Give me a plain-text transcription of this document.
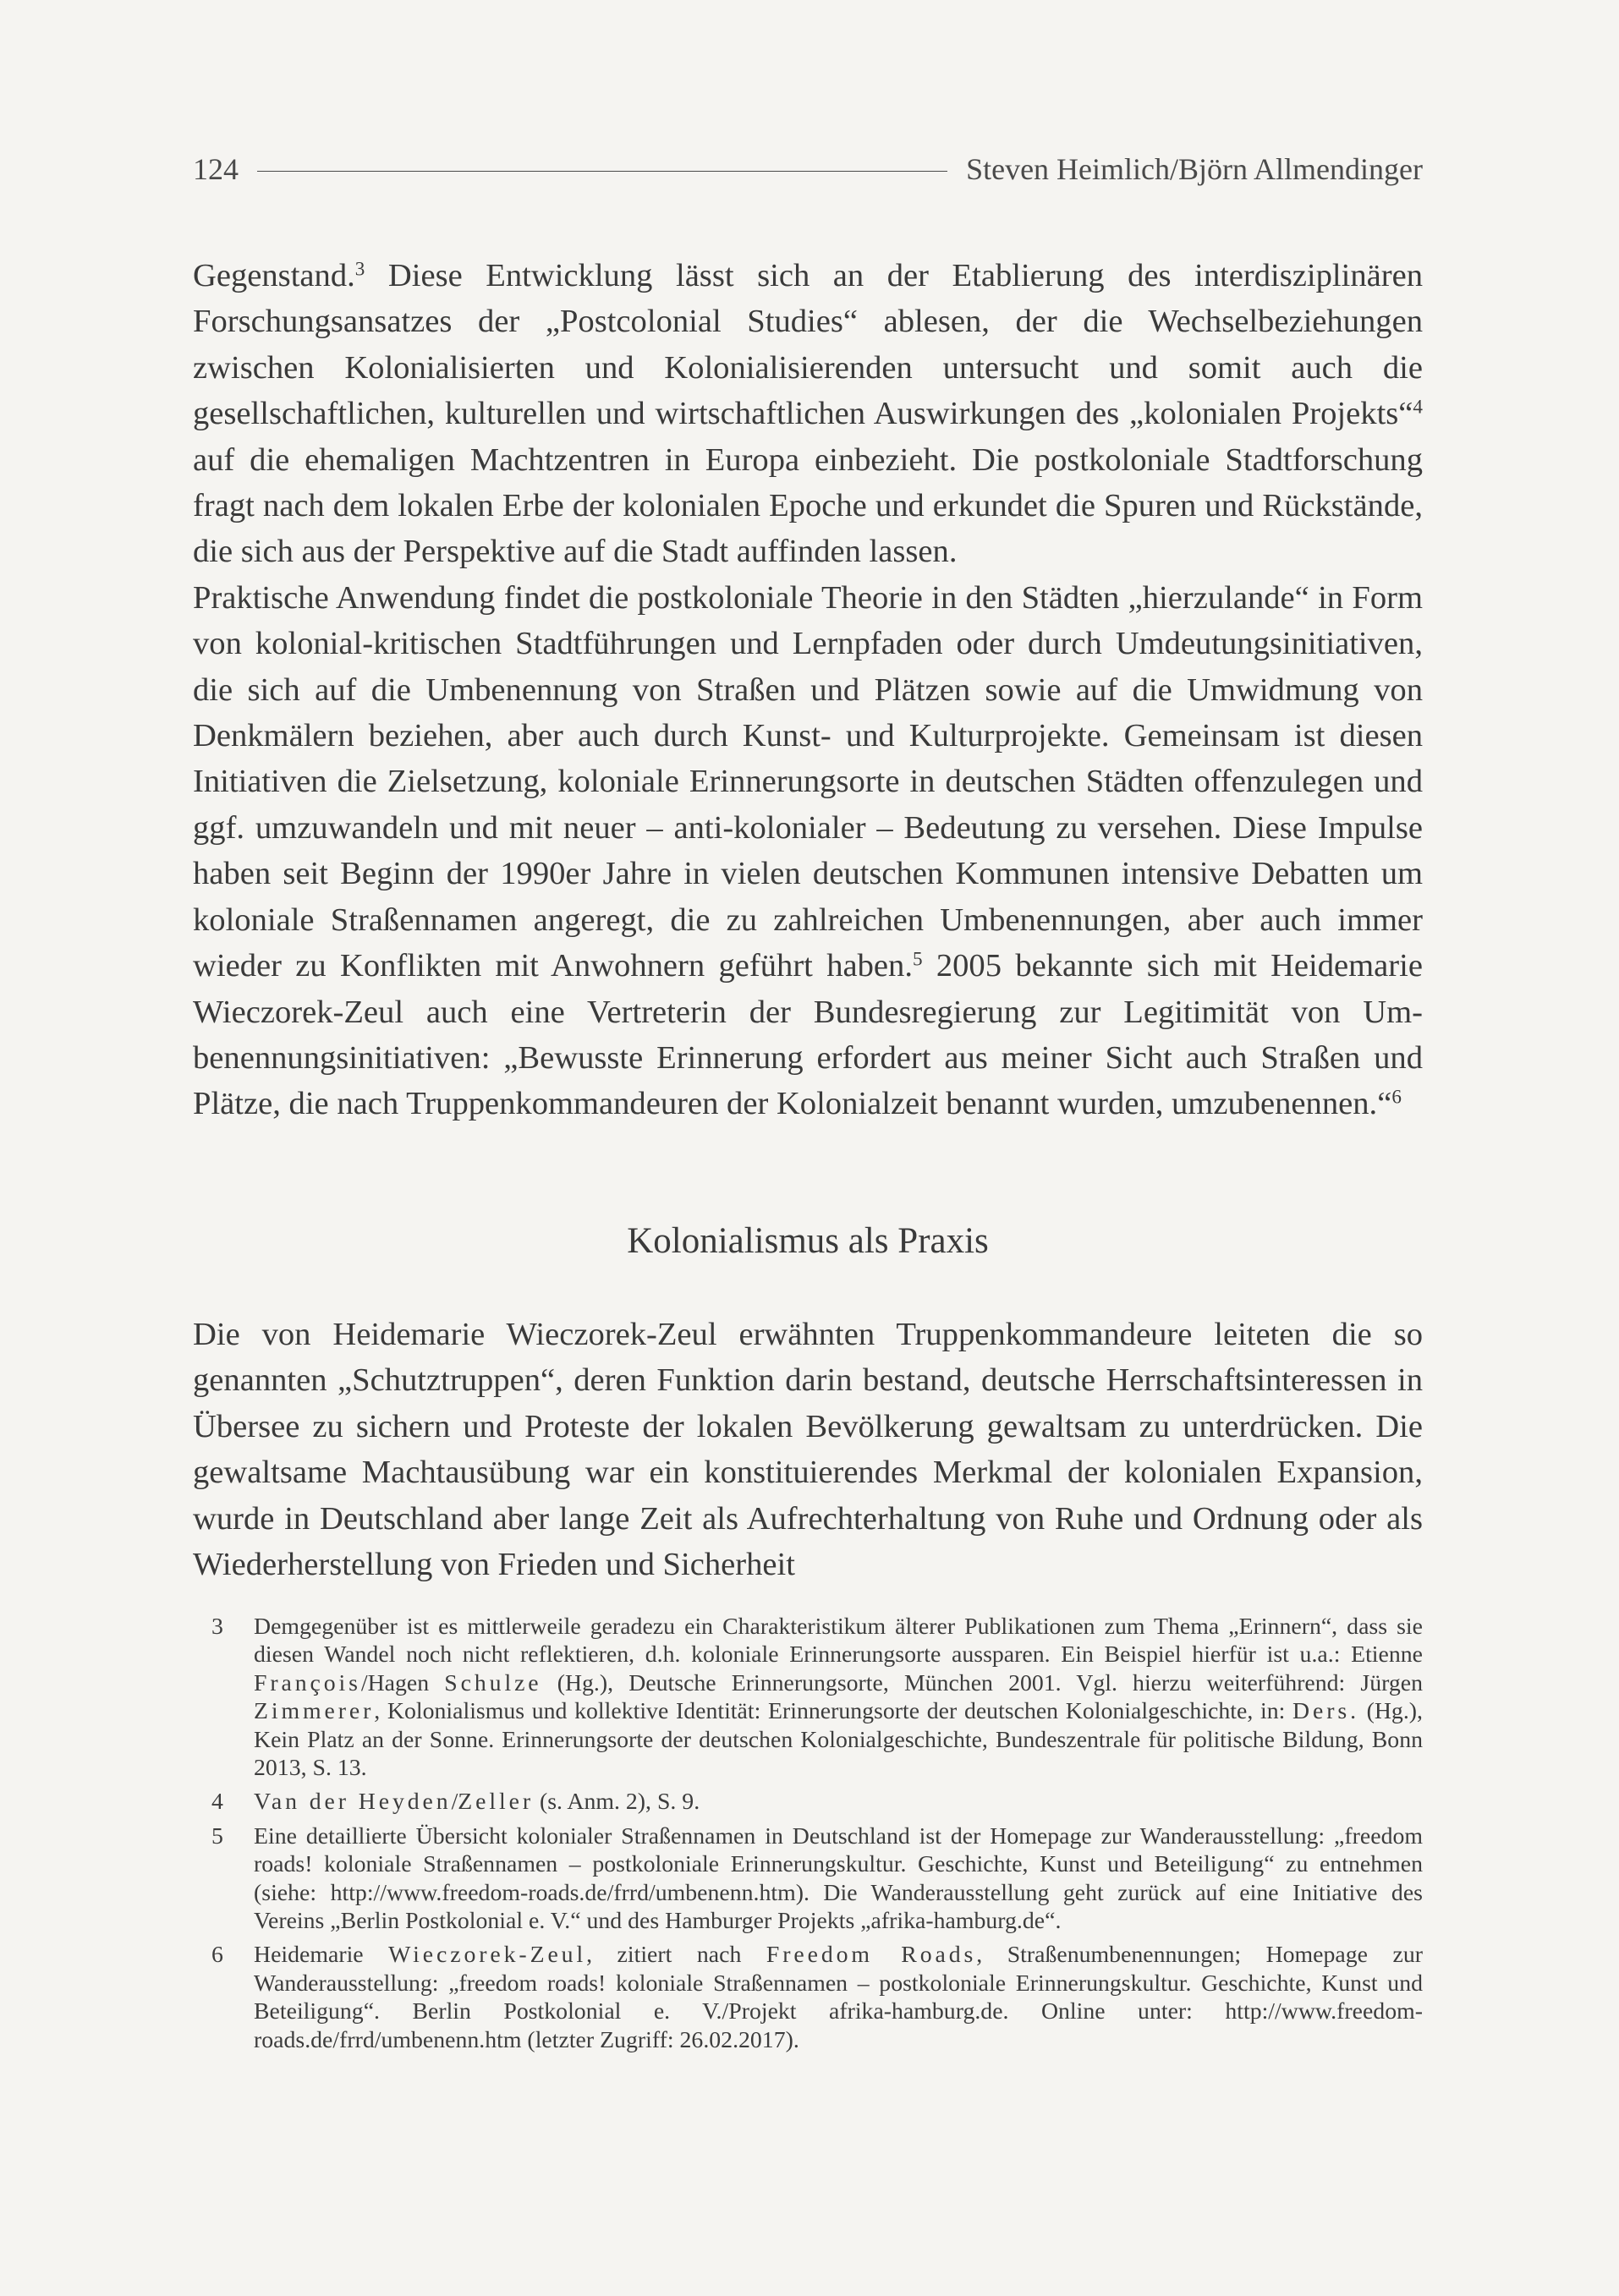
124	Steven Heimlich/Björn Allmendinger

Gegenstand.$^3$ Diese Entwicklung lässt sich an der Etablierung des interdisziplinären Forschungsansatzes der „Postcolonial Studies“ ablesen, der die Wechselbeziehungen zwischen Kolonialisierten und Kolonialisierenden untersucht und somit auch die gesellschaftlichen, kulturellen und wirtschaftlichen Auswirkungen des „kolonialen Projekts“$^4$ auf die ehemaligen Machtzentren in Europa einbezieht. Die postkoloniale Stadtforschung fragt nach dem lokalen Erbe der kolonialen Epoche und erkundet die Spuren und Rückstände, die sich aus der Perspektive auf die Stadt auffinden lassen.

Praktische Anwendung findet die postkoloniale Theorie in den Städten „hierzulande“ in Form von kolonial-kritischen Stadtführungen und Lernpfaden oder durch Umdeutungsinitiativen, die sich auf die Umbenennung von Straßen und Plätzen sowie auf die Umwidmung von Denkmälern beziehen, aber auch durch Kunst- und Kulturprojekte. Gemeinsam ist diesen Initiativen die Zielsetzung, koloniale Erinnerungsorte in deutschen Städten offenzulegen und ggf. umzuwandeln und mit neuer – anti-kolonialer – Bedeutung zu versehen. Diese Impulse haben seit Beginn der 1990er Jahre in vielen deutschen Kommunen intensive Debatten um koloniale Straßennamen angeregt, die zu zahlreichen Umbenennungen, aber auch immer wieder zu Konflikten mit Anwohnern geführt haben.$^5$ 2005 bekannte sich mit Heidemarie Wieczorek-Zeul auch eine Vertreterin der Bundesregierung zur Legitimität von Umbenennungsinitiativen: „Bewusste Erinnerung erfordert aus meiner Sicht auch Straßen und Plätze, die nach Truppenkommandeuren der Kolonialzeit benannt wurden, umzubenennen.“$^6$

Kolonialismus als Praxis

Die von Heidemarie Wieczorek-Zeul erwähnten Truppenkommandeure leiteten die so genannten „Schutztruppen“, deren Funktion darin bestand, deutsche Herrschaftsinteressen in Übersee zu sichern und Proteste der lokalen Bevölkerung gewaltsam zu unterdrücken. Die gewaltsame Machtausübung war ein konstituierendes Merkmal der kolonialen Expansion, wurde in Deutschland aber lange Zeit als Aufrechterhaltung von Ruhe und Ordnung oder als Wiederherstellung von Frieden und Sicherheit

3	Demgegenüber ist es mittlerweile geradezu ein Charakteristikum älterer Publikationen zum Thema „Erinnern“, dass sie diesen Wandel noch nicht reflektieren, d.h. koloniale Erinnerungsorte aussparen. Ein Beispiel hierfür ist u.a.: Etienne François/Hagen Schulze (Hg.), Deutsche Erinnerungsorte, München 2001. Vgl. hierzu weiterführend: Jürgen Zimmerer, Kolonialismus und kollektive Identität: Erinnerungsorte der deutschen Kolonialgeschichte, in: Ders. (Hg.), Kein Platz an der Sonne. Erinnerungsorte der deutschen Kolonialgeschichte, Bundeszentrale für politische Bildung, Bonn 2013, S. 13.
4	Van der Heyden/Zeller (s. Anm. 2), S. 9.
5	Eine detaillierte Übersicht kolonialer Straßennamen in Deutschland ist der Homepage zur Wanderausstellung: „freedom roads! koloniale Straßennamen – postkoloniale Erinnerungskultur. Geschichte, Kunst und Beteiligung“ zu entnehmen (siehe: http://www.freedom-roads.de/frrd/umbenenn.htm). Die Wanderausstellung geht zurück auf eine Initiative des Vereins „Berlin Postkolonial e. V.“ und des Hamburger Projekts „afrika-hamburg.de“.
6	Heidemarie Wieczorek-Zeul, zitiert nach Freedom Roads, Straßenumbenennungen; Homepage zur Wanderausstellung: „freedom roads! koloniale Straßennamen – postkoloniale Erinnerungskultur. Geschichte, Kunst und Beteiligung“. Berlin Postkolonial e. V./Projekt afrika-hamburg.de. Online unter: http://www.freedom-roads.de/frrd/umbenenn.htm (letzter Zugriff: 26.02.2017).
